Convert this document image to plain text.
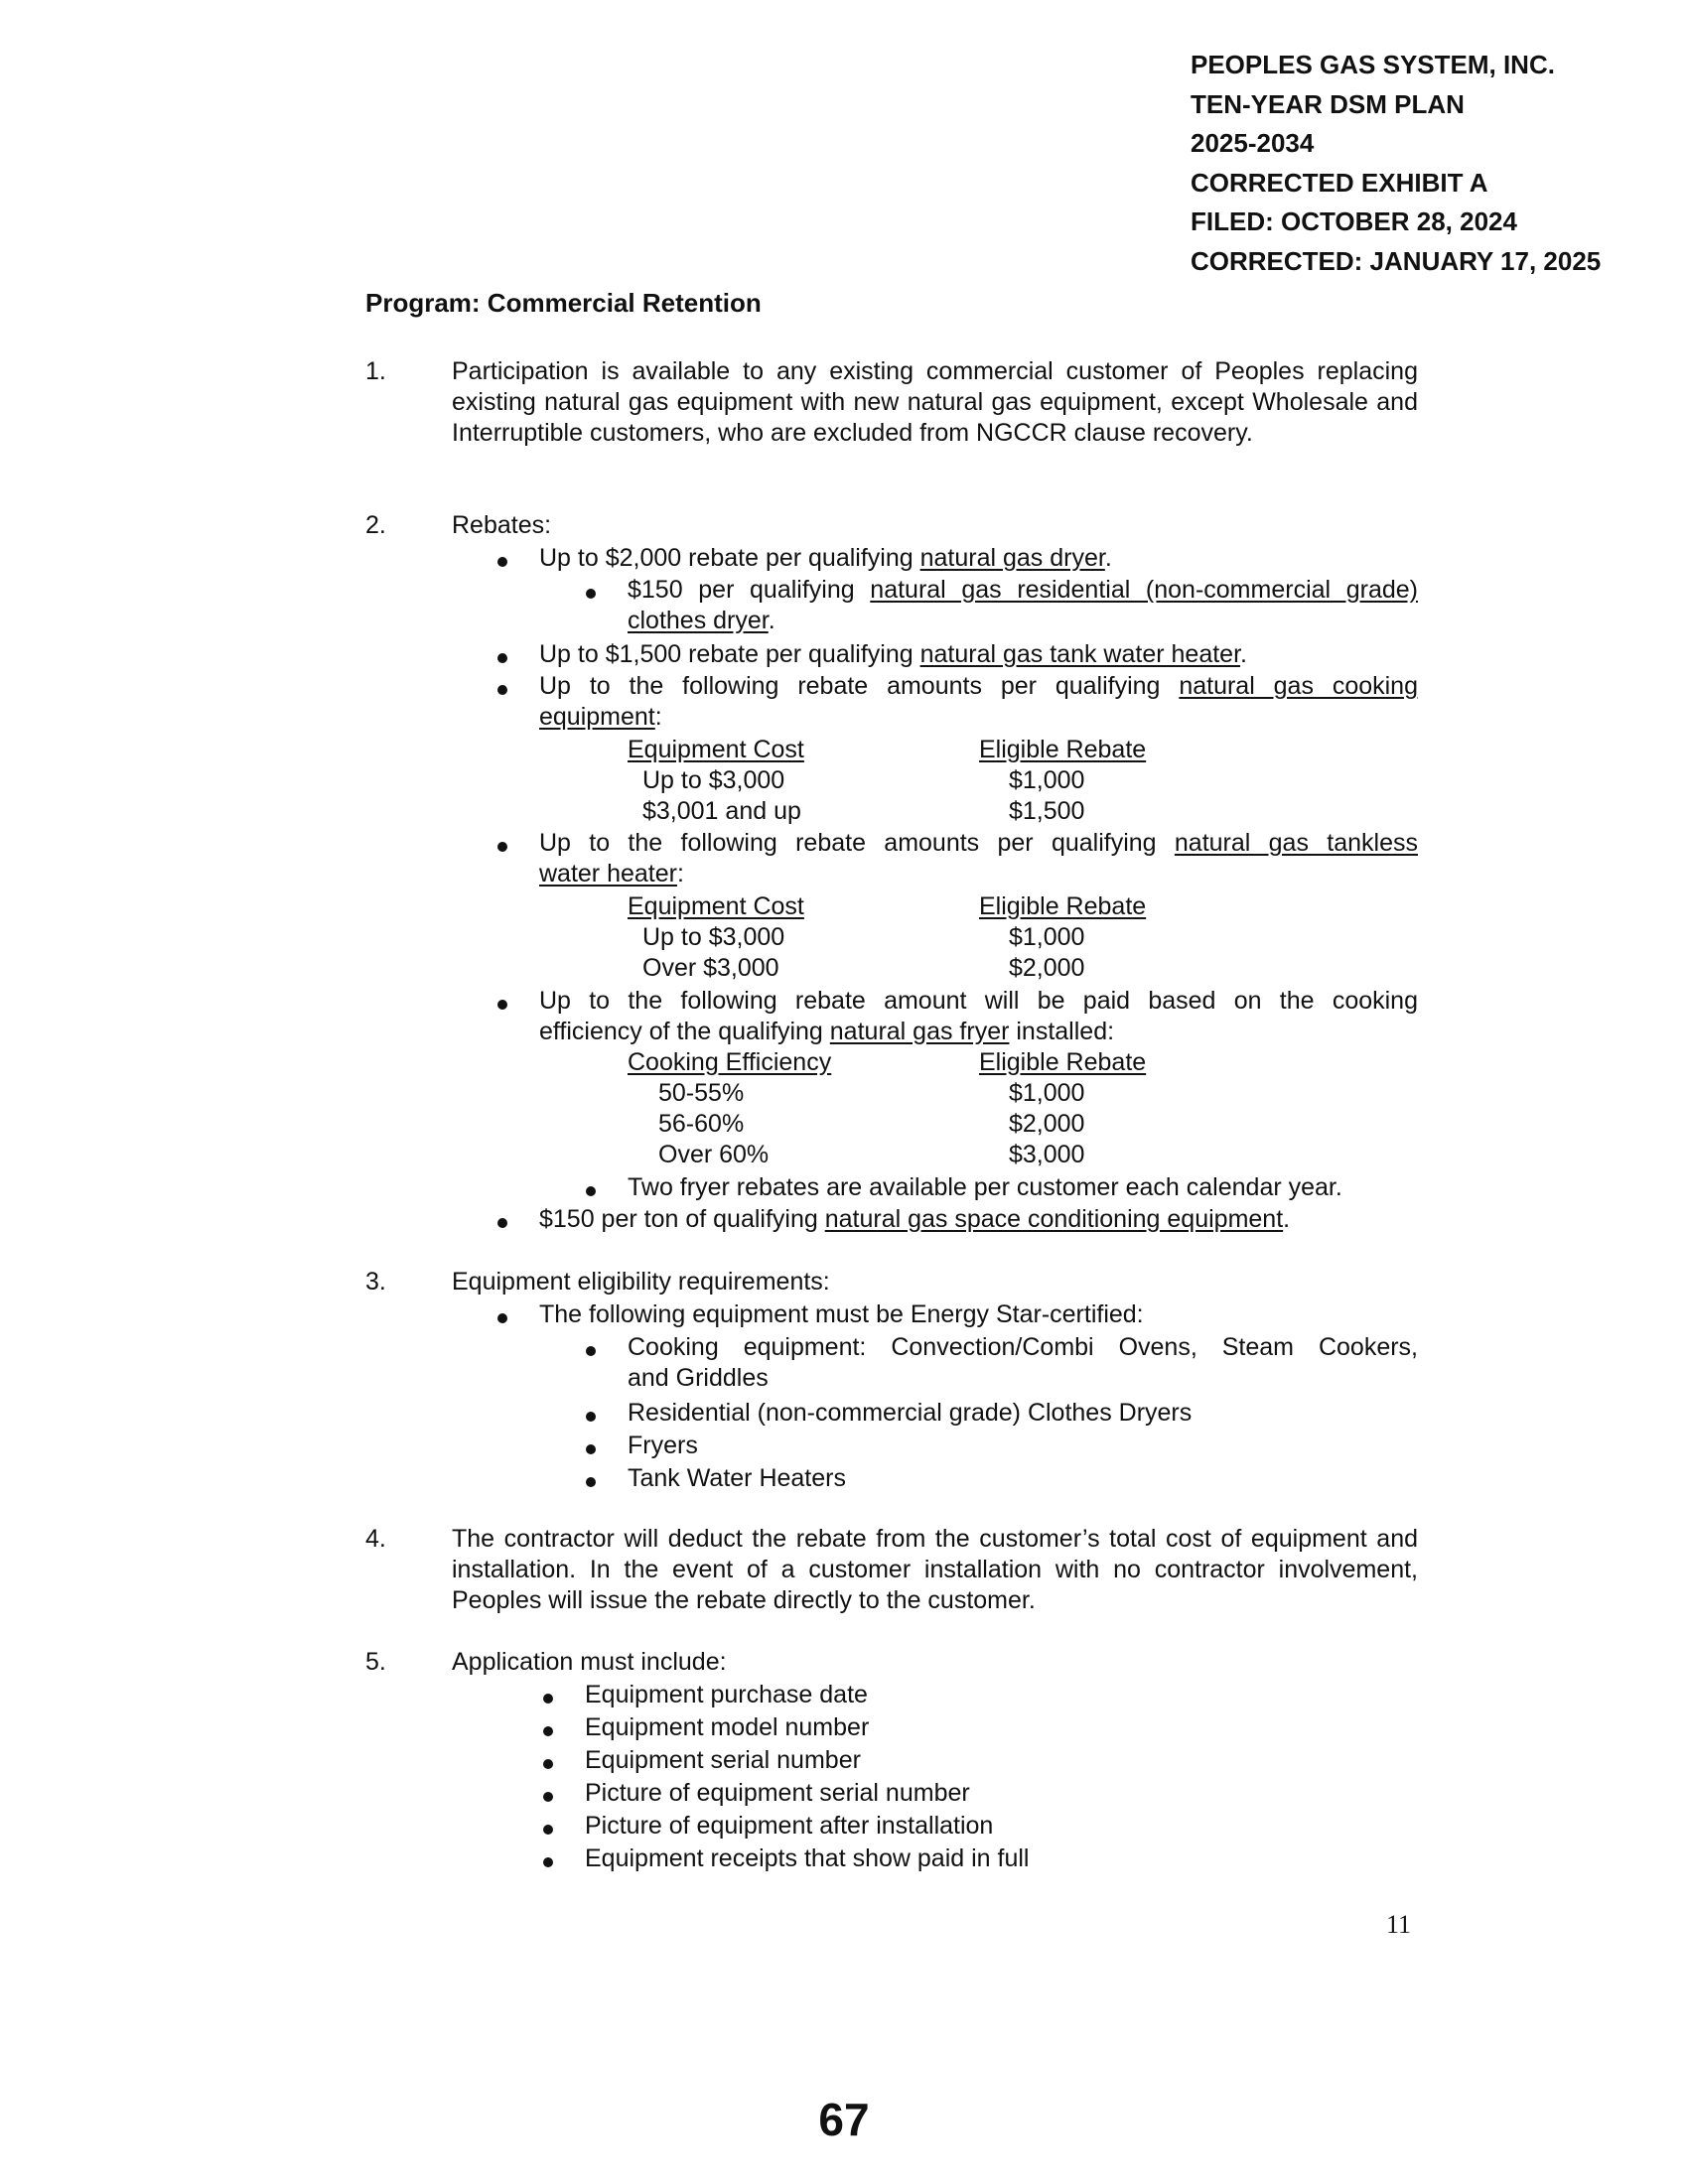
PEOPLES GAS SYSTEM, INC.
TEN-YEAR DSM PLAN
2025-2034
CORRECTED EXHIBIT A
FILED: OCTOBER 28, 2024
CORRECTED: JANUARY 17, 2025
Program: Commercial Retention
1.	Participation is available to any existing commercial customer of Peoples replacing existing natural gas equipment with new natural gas equipment, except Wholesale and Interruptible customers, who are excluded from NGCCR clause recovery.
2.	Rebates:
Up to $2,000 rebate per qualifying natural gas dryer.
$150 per qualifying natural gas residential (non-commercial grade)
clothes dryer.
Up to $1,500 rebate per qualifying natural gas tank water heater.
Up to the following rebate amounts per qualifying natural gas cooking
equipment:
Equipment Cost	Eligible Rebate
Up to $3,000	$1,000
$3,001 and up	$1,500
Up to the following rebate amounts per qualifying natural gas tankless
water heater:
Equipment Cost	Eligible Rebate
Up to $3,000	$1,000
Over $3,000	$2,000
Up to the following rebate amount will be paid based on the cooking
efficiency of the qualifying natural gas fryer installed:
Cooking Efficiency	Eligible Rebate
50-55%	$1,000
56-60%	$2,000
Over 60%	$3,000
Two fryer rebates are available per customer each calendar year.
$150 per ton of qualifying natural gas space conditioning equipment.
3.	Equipment eligibility requirements:
The following equipment must be Energy Star-certified:
Cooking equipment: Convection/Combi Ovens, Steam Cookers,
and Griddles
Residential (non-commercial grade) Clothes Dryers
Fryers
Tank Water Heaters
4.	The contractor will deduct the rebate from the customer’s total cost of equipment and installation. In the event of a customer installation with no contractor involvement, Peoples will issue the rebate directly to the customer.
5.	Application must include:
Equipment purchase date
Equipment model number
Equipment serial number
Picture of equipment serial number
Picture of equipment after installation
Equipment receipts that show paid in full
11
67
